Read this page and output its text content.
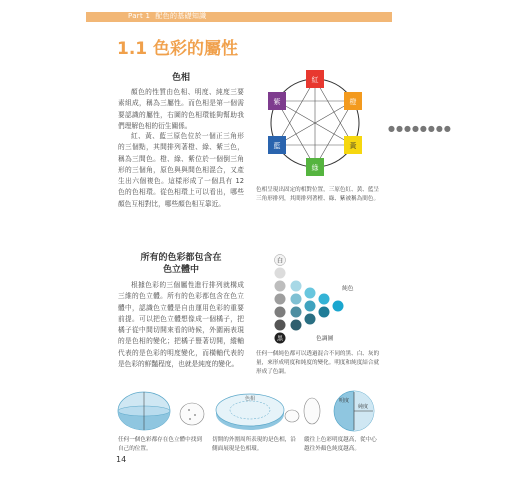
Part 1 配色的基礎知識
1.1 色彩的屬性
色相
顏色的性質由色相、明度、純度三要素組成，稱為三屬性。而色相是第一個需要認識的屬性，右圖的色相環能夠幫助我們理解色相的衍生關係。
紅、黃、藍三原色位於一個正三角形的三個點，其間排列著橙、綠、紫三色，稱為三間色。橙、綠、紫位於一個倒三角形的三個角，原色與與間色相混合，又產生出六個複色。這樣形成了一個具有 12 色的色相環。從色相環上可以看出，哪些顏色互相對比，哪些顏色相互靠近。
紅
橙
黃
綠
藍
紫
●●●●●●●●
色相呈現出固定的相對位置，三原色紅、黃、藍呈三角形排列，其間排列著橙、綠、紫被稱為間色。
所有的色彩都包含在
色立體中
根據色彩的三個屬性進行排列就構成三維的色立體。所有的色彩都包含在色立體中，認識色立體是自由運用色彩的重要前提。可以把色立體想像成一個橘子，把橘子從中間切開來看的時候，外圍兩表現的是色相的變化；把橘子豎著切開，縱軸代表的是色彩的明度變化，而橫軸代表的是色彩的鮮豔程度，也就是純度的變化。
白
黑
純色
色調圖
任何一個純色都可以透過混合不同的黑、白、灰的量，來形成明度和純度的變化。明度和純度結合就形成了色調。
色相	明度
純度
任何一個色彩都存在色立體中找到自己的位置。
切開的外圍周所表現的是色相，沿側面展現是色相環。
縱往上色彩明度越高，從中心越往外顏色純度越高。
14
